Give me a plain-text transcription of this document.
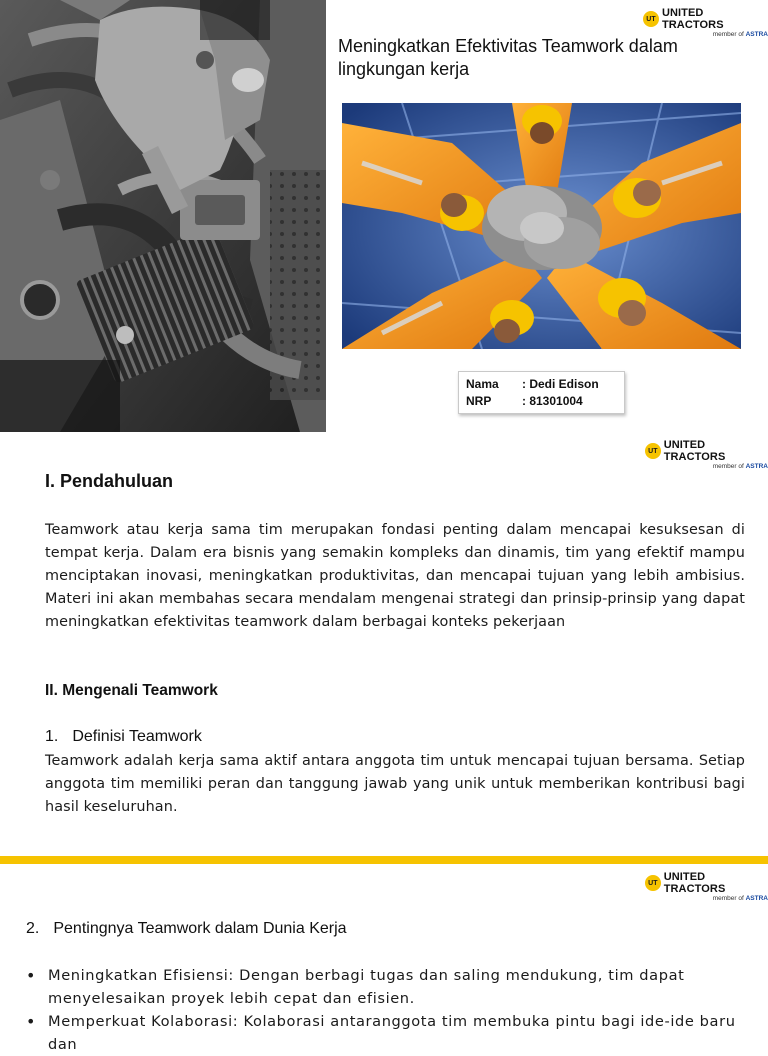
UT UNITED TRACTORS
member of ASTRA
Meningkatkan Efektivitas Teamwork dalam lingkungan kerja
Nama	: Dedi Edison
NRP	: 81301004
UT UNITED TRACTORS
member of ASTRA
I. Pendahuluan
Teamwork atau kerja sama tim merupakan fondasi penting dalam mencapai kesuksesan di tempat kerja. Dalam era bisnis yang semakin kompleks dan dinamis, tim yang efektif mampu menciptakan inovasi, meningkatkan produktivitas, dan mencapai tujuan yang lebih ambisius. Materi ini akan membahas secara mendalam mengenai strategi dan prinsip-prinsip yang dapat meningkatkan efektivitas teamwork dalam berbagai konteks pekerjaan
II. Mengenali Teamwork
1. Definisi Teamwork
Teamwork adalah kerja sama aktif antara anggota tim untuk mencapai tujuan bersama. Setiap anggota tim memiliki peran dan tanggung jawab yang unik untuk memberikan kontribusi bagi hasil keseluruhan.
UT UNITED TRACTORS
member of ASTRA
2. Pentingnya Teamwork dalam Dunia Kerja
• Meningkatkan Efisiensi: Dengan berbagi tugas dan saling mendukung, tim dapat menyelesaikan proyek lebih cepat dan efisien.
• Memperkuat Kolaborasi: Kolaborasi antaranggota tim membuka pintu bagi ide-ide baru dan
